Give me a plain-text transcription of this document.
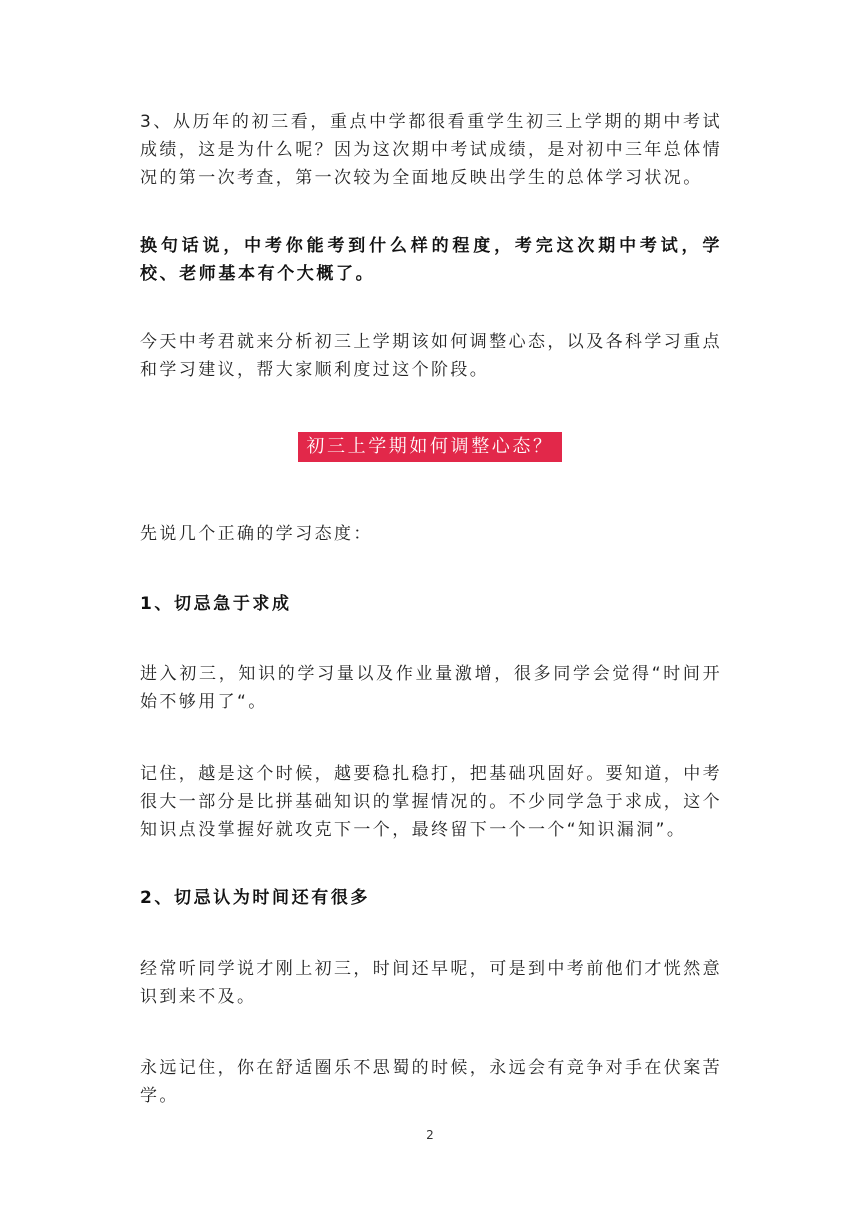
3、从历年的初三看，重点中学都很看重学生初三上学期的期中考试成绩，这是为什么呢？因为这次期中考试成绩，是对初中三年总体情况的第一次考查，第一次较为全面地反映出学生的总体学习状况。

换句话说，中考你能考到什么样的程度，考完这次期中考试，学校、老师基本有个大概了。

今天中考君就来分析初三上学期该如何调整心态，以及各科学习重点和学习建议，帮大家顺利度过这个阶段。

初三上学期如何调整心态？

先说几个正确的学习态度：

1、切忌急于求成

进入初三，知识的学习量以及作业量激增，很多同学会觉得“时间开始不够用了“。

记住，越是这个时候，越要稳扎稳打，把基础巩固好。要知道，中考很大一部分是比拼基础知识的掌握情况的。不少同学急于求成，这个知识点没掌握好就攻克下一个，最终留下一个一个“知识漏洞”。

2、切忌认为时间还有很多

经常听同学说才刚上初三，时间还早呢，可是到中考前他们才恍然意识到来不及。

永远记住，你在舒适圈乐不思蜀的时候，永远会有竞争对手在伏案苦学。

2
